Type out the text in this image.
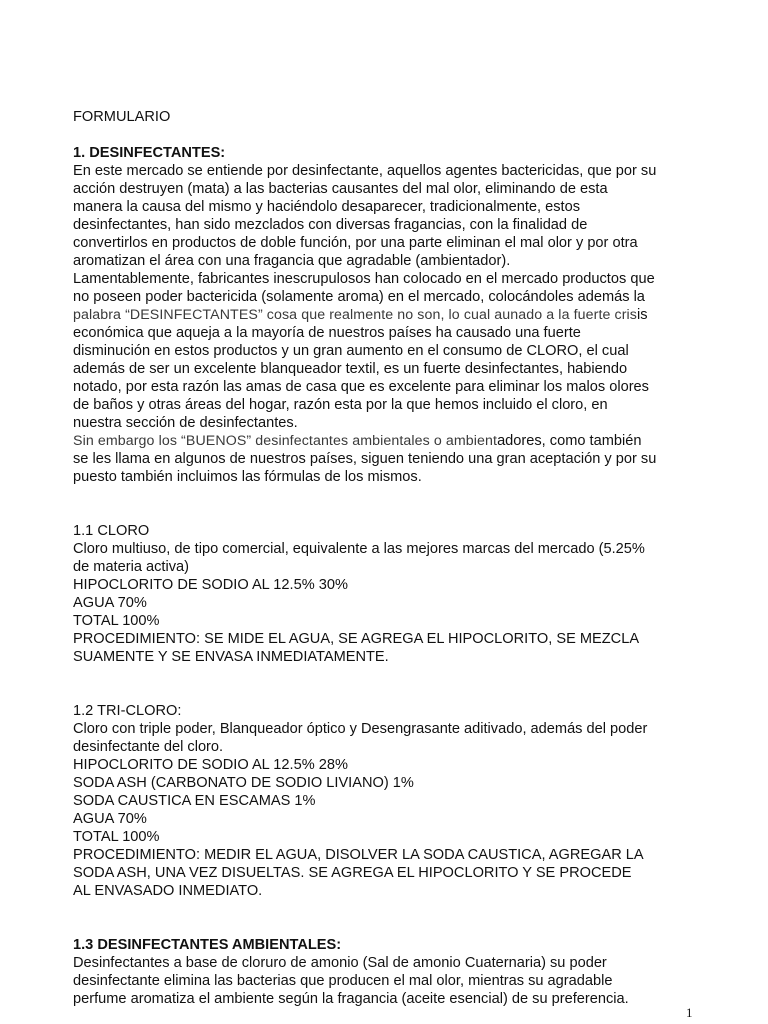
FORMULARIO
1. DESINFECTANTES:
En este mercado se entiende por desinfectante, aquellos agentes bactericidas, que por su
acción destruyen (mata) a las bacterias causantes del mal olor, eliminando de esta
manera la causa del mismo y haciéndolo desaparecer, tradicionalmente, estos
desinfectantes, han sido mezclados con diversas fragancias, con la finalidad de
convertirlos en productos de doble función, por una parte eliminan el mal olor y por otra
aromatizan el área con una fragancia que agradable (ambientador).
Lamentablemente, fabricantes inescrupulosos han colocado en el mercado productos que
no poseen poder bactericida (solamente aroma) en el mercado, colocándoles además la
palabra “DESINFECTANTES” cosa que realmente no son, lo cual aunado a la fuerte crisis
económica que aqueja a la mayoría de nuestros países ha causado una fuerte
disminución en estos productos y un gran aumento en el consumo de CLORO, el cual
además de ser un excelente blanqueador textil, es un fuerte desinfectantes, habiendo
notado, por esta razón las amas de casa que es excelente para eliminar los malos olores
de baños y otras áreas del hogar, razón esta por la que hemos incluido el cloro, en
nuestra sección de desinfectantes.
Sin embargo los “BUENOS” desinfectantes ambientales o ambientadores, como también
se les llama en algunos de nuestros países, siguen teniendo una gran aceptación y por su
puesto también incluimos las fórmulas de los mismos.
1.1 CLORO
Cloro multiuso, de tipo comercial, equivalente a las mejores marcas del mercado (5.25%
de materia activa)
HIPOCLORITO DE SODIO AL 12.5% 30%
AGUA 70%
TOTAL 100%
PROCEDIMIENTO: SE MIDE EL AGUA, SE AGREGA EL HIPOCLORITO, SE MEZCLA
SUAMENTE Y SE ENVASA INMEDIATAMENTE.
1.2 TRI-CLORO:
Cloro con triple poder, Blanqueador óptico y Desengrasante aditivado, además del poder
desinfectante del cloro.
HIPOCLORITO DE SODIO AL 12.5% 28%
SODA ASH (CARBONATO DE SODIO LIVIANO) 1%
SODA CAUSTICA EN ESCAMAS 1%
AGUA 70%
TOTAL 100%
PROCEDIMIENTO: MEDIR EL AGUA, DISOLVER LA SODA CAUSTICA, AGREGAR LA
SODA ASH, UNA VEZ DISUELTAS. SE AGREGA EL HIPOCLORITO Y SE PROCEDE
AL ENVASADO INMEDIATO.
1.3 DESINFECTANTES AMBIENTALES:
Desinfectantes a base de cloruro de amonio (Sal de amonio Cuaternaria) su poder
desinfectante elimina las bacterias que producen el mal olor, mientras su agradable
perfume aromatiza el ambiente según la fragancia (aceite esencial) de su preferencia.
1
